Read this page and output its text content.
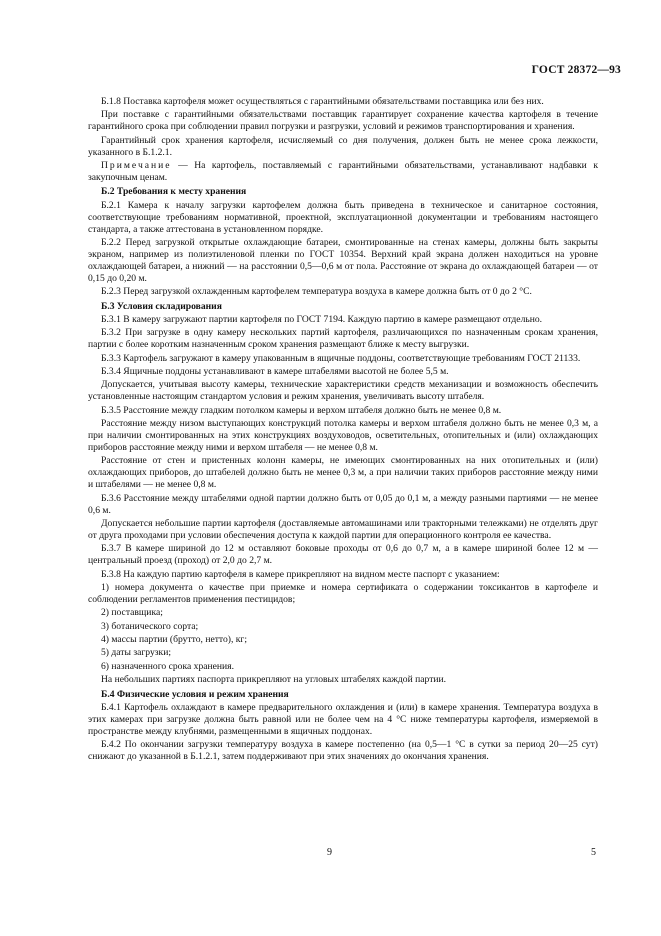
ГОСТ 28372—93

Б.1.8 Поставка картофеля может осуществляться с гарантийными обязательствами поставщика или без них.

При поставке с гарантийными обязательствами поставщик гарантирует сохранение качества картофеля в течение гарантийного срока при соблюдении правил погрузки и разгрузки, условий и режимов транспортирования и хранения.

Гарантийный срок хранения картофеля, исчисляемый со дня получения, должен быть не менее срока лежкости, указанного в Б.1.2.1.

Примечание — На картофель, поставляемый с гарантийными обязательствами, устанавливают надбавки к закупочным ценам.

Б.2 Требования к месту хранения

Б.2.1 Камера к началу загрузки картофелем должна быть приведена в техническое и санитарное состояния, соответствующие требованиям нормативной, проектной, эксплуатационной документации и требованиям настоящего стандарта, а также аттестована в установленном порядке.

Б.2.2 Перед загрузкой открытые охлаждающие батареи, смонтированные на стенах камеры, должны быть закрыты экраном, например из полиэтиленовой пленки по ГОСТ 10354. Верхний край экрана должен находиться на уровне охлаждающей батареи, а нижний — на расстоянии 0,5—0,6 м от пола. Расстояние от экрана до охлаждающей батареи — от 0,15 до 0,20 м.

Б.2.3 Перед загрузкой охлажденным картофелем температура воздуха в камере должна быть от 0 до 2 °С.

Б.3 Условия складирования

Б.3.1 В камеру загружают партии картофеля по ГОСТ 7194. Каждую партию в камере размещают отдельно.

Б.3.2 При загрузке в одну камеру нескольких партий картофеля, различающихся по назначенным срокам хранения, партии с более коротким назначенным сроком хранения размещают ближе к месту выгрузки.

Б.3.3 Картофель загружают в камеру упакованным в ящичные поддоны, соответствующие требованиям ГОСТ 21133.

Б.3.4 Ящичные поддоны устанавливают в камере штабелями высотой не более 5,5 м.

Допускается, учитывая высоту камеры, технические характеристики средств механизации и возможность обеспечить установленные настоящим стандартом условия и режим хранения, увеличивать высоту штабеля.

Б.3.5 Расстояние между гладким потолком камеры и верхом штабеля должно быть не менее 0,8 м.

Расстояние между низом выступающих конструкций потолка камеры и верхом штабеля должно быть не менее 0,3 м, а при наличии смонтированных на этих конструкциях воздуховодов, осветительных, отопительных и (или) охлаждающих приборов расстояние между ними и верхом штабеля — не менее 0,8 м.

Расстояние от стен и пристенных колонн камеры, не имеющих смонтированных на них отопительных и (или) охлаждающих приборов, до штабелей должно быть не менее 0,3 м, а при наличии таких приборов расстояние между ними и штабелями — не менее 0,8 м.

Б.3.6 Расстояние между штабелями одной партии должно быть от 0,05 до 0,1 м, а между разными партиями — не менее 0,6 м.

Допускается небольшие партии картофеля (доставляемые автомашинами или тракторными тележками) не отделять друг от друга проходами при условии обеспечения доступа к каждой партии для операционного контроля ее качества.

Б.3.7 В камере шириной до 12 м оставляют боковые проходы от 0,6 до 0,7 м, а в камере шириной более 12 м — центральный проезд (проход) от 2,0 до 2,7 м.

Б.3.8 На каждую партию картофеля в камере прикрепляют на видном месте паспорт с указанием:

1) номера документа о качестве при приемке и номера сертификата о содержании токсикантов в картофеле и соблюдении регламентов применения пестицидов;

2) поставщика;

3) ботанического сорта;

4) массы партии (брутто, нетто), кг;

5) даты загрузки;

6) назначенного срока хранения.

На небольших партиях паспорта прикрепляют на угловых штабелях каждой партии.

Б.4 Физические условия и режим хранения

Б.4.1 Картофель охлаждают в камере предварительного охлаждения и (или) в камере хранения. Температура воздуха в этих камерах при загрузке должна быть равной или не более чем на 4 °С ниже температуры картофеля, измеряемой в пространстве между клубнями, размещенными в ящичных поддонах.

Б.4.2 По окончании загрузки температуру воздуха в камере постепенно (на 0,5—1 °С в сутки за период 20—25 сут) снижают до указанной в Б.1.2.1, затем поддерживают при этих значениях до окончания хранения.

9	5
